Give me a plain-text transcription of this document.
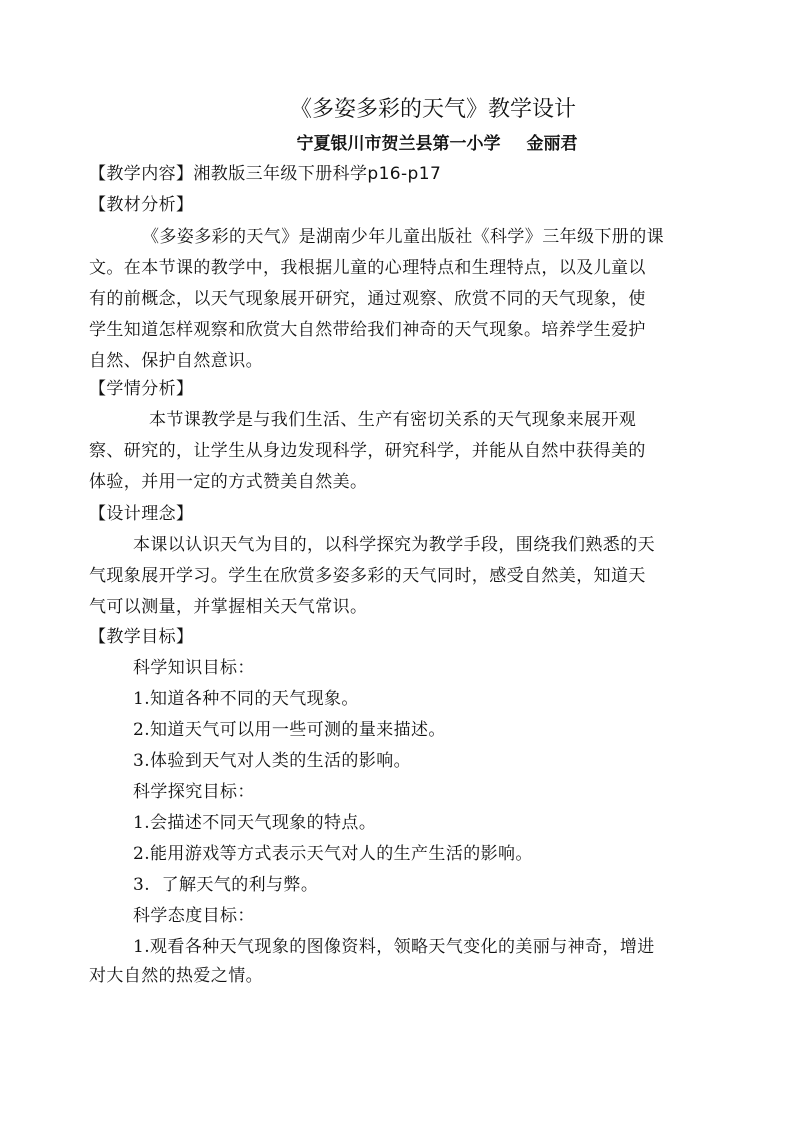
《多姿多彩的天气》教学设计
宁夏银川市贺兰县第一小学 金丽君
【教学内容】湘教版三年级下册科学p16-p17
【教材分析】
《多姿多彩的天气》是湖南少年儿童出版社《科学》三年级下册的课
文。在本节课的教学中，我根据儿童的心理特点和生理特点，以及儿童以
有的前概念，以天气现象展开研究，通过观察、欣赏不同的天气现象，使
学生知道怎样观察和欣赏大自然带给我们神奇的天气现象。培养学生爱护
自然、保护自然意识。
【学情分析】
本节课教学是与我们生活、生产有密切关系的天气现象来展开观
察、研究的，让学生从身边发现科学，研究科学，并能从自然中获得美的
体验，并用一定的方式赞美自然美。
【设计理念】
本课以认识天气为目的，以科学探究为教学手段，围绕我们熟悉的天
气现象展开学习。学生在欣赏多姿多彩的天气同时，感受自然美，知道天
气可以测量，并掌握相关天气常识。
【教学目标】
科学知识目标：
1.知道各种不同的天气现象。
2.知道天气可以用一些可测的量来描述。
3.体验到天气对人类的生活的影响。
科学探究目标：
1.会描述不同天气现象的特点。
2.能用游戏等方式表示天气对人的生产生活的影响。
3.  了解天气的利与弊。
科学态度目标：
1.观看各种天气现象的图像资料，领略天气变化的美丽与神奇，增进
对大自然的热爱之情。
